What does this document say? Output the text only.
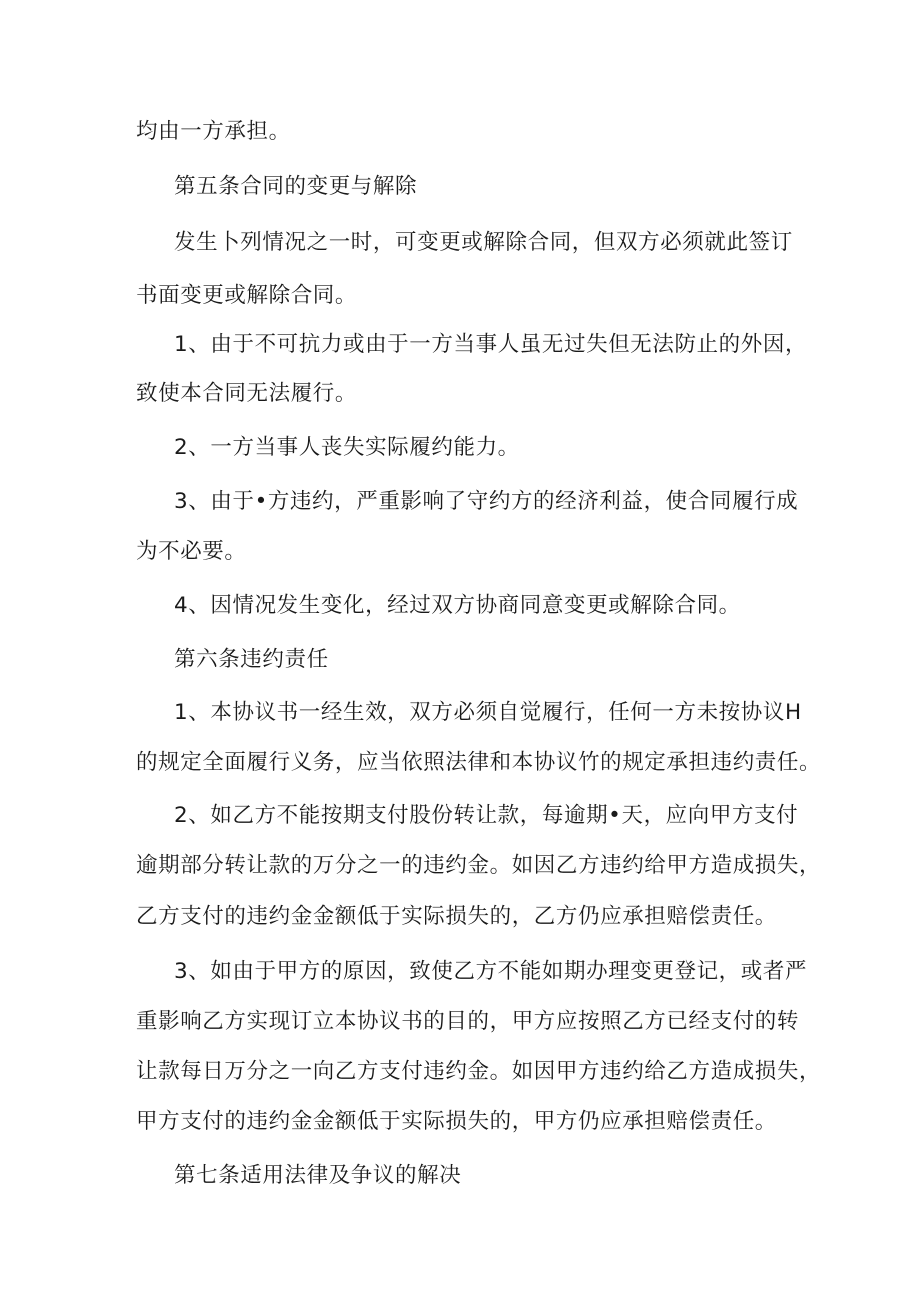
均由一方承担。
第五条合同的变更与解除
发生卜列情况之一时，可变更或解除合同，但双方必须就此签订
书面变更或解除合同。
1、由于不可抗力或由于一方当事人虽无过失但无法防止的外因，
致使本合同无法履行。
2、一方当事人丧失实际履约能力。
3、由于•方违约，严重影响了守约方的经济利益，使合同履行成
为不必要。
4、因情况发生变化，经过双方协商同意变更或解除合同。
第六条违约责任
1、本协议书一经生效，双方必须自觉履行，任何一方未按协议H
的规定全面履行义务，应当依照法律和本协议竹的规定承担违约责任。
2、如乙方不能按期支付股份转让款，每逾期•天，应向甲方支付
逾期部分转让款的万分之一的违约金。如因乙方违约给甲方造成损失，
乙方支付的违约金金额低于实际损失的，乙方仍应承担赔偿责任。
3、如由于甲方的原因，致使乙方不能如期办理变更登记，或者严
重影响乙方实现订立本协议书的目的，甲方应按照乙方已经支付的转
让款每日万分之一向乙方支付违约金。如因甲方违约给乙方造成损失，
甲方支付的违约金金额低于实际损失的，甲方仍应承担赔偿责任。
第七条适用法律及争议的解决
